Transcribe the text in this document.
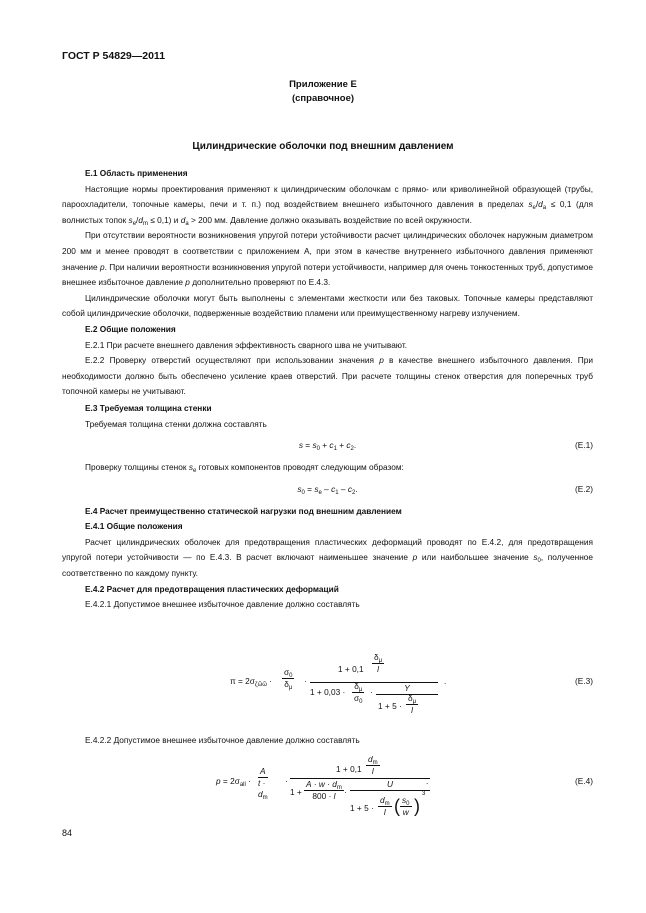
ГОСТ Р 54829—2011
Приложение Е
(справочное)
Цилиндрические оболочки под внешним давлением
Е.1 Область применения

Настоящие нормы проектирования применяют к цилиндрическим оболочкам с прямо- или криволинейной образующей (трубы, пароохладители, топочные камеры, печи и т. п.) под воздействием внешнего избыточного давления в пределах $s_e/d_a \le 0,1$ (для волнистых топок $s_e/d_m \le 0,1$) и $d_a > 200$ мм. Давление должно оказывать воздействие по всей окружности.

При отсутствии вероятности возникновения упругой потери устойчивости расчет цилиндрических оболочек наружным диаметром 200 мм и менее проводят в соответствии с приложением А, при этом в качестве внутреннего избыточного давления применяют значение p. При наличии вероятности возникновения упругой потери устойчивости, например для очень тонкостенных труб, допустимое внешнее избыточное давление p дополнительно проверяют по Е.4.3.

Цилиндрические оболочки могут быть выполнены с элементами жесткости или без таковых. Топочные камеры представляют собой цилиндрические оболочки, подверженные воздействию пламени или преимущественному нагреву излучением.

Е.2 Общие положения

Е.2.1 При расчете внешнего давления эффективность сварного шва не учитывают.

Е.2.2 Проверку отверстий осуществляют при использовании значения p в качестве внешнего избыточного давления. При необходимости должно быть обеспечено усиление краев отверстий. При расчете толщины стенок отверстия для поперечных труб топочной камеры не учитывают.

Е.3 Требуемая толщина стенки

Требуемая толщина стенки должна составлять

$s = s_0 + c_1 + c_2$.	(Е.1)

Проверку толщины стенок $s_e$ готовых компонентов проводят следующим образом:

$s_0 = s_e - c_1 - c_2$.	(Е.2)
Е.4 Расчет преимущественно статической нагрузки под внешним давлением
Е.4.1 Общие положения

Расчет цилиндрических оболочек для предотвращения пластических деформаций проводят по Е.4.2, для предотвращения упругой потери устойчивости — по Е.4.3. В расчет включают наименьшее значение p или наибольшее значение $s_0$, полученное соответственно по каждому пункту.

Е.4.2 Расчет для предотвращения пластических деформаций

Е.4.2.1 Допустимое внешнее избыточное давление должно составлять

$\pi = 2\sigma_{\zeta ῶῶ} \cdot \frac{\sigma_0}{\delta_\mu}$ ·
$1 + 0,1 \frac{\delta_\mu}{l}$
$1 + 0,03 \cdot \frac{\delta_\mu}{\sigma_0}$ ·	Y
$1 + 5 \cdot \frac{\delta_\mu}{l}$
.	(Е.3)
Е.4.2.2 Допустимое внешнее избыточное давление должно составлять
$p = 2\sigma_{all} \cdot \frac{A}{t \cdot d_m}$ ·
$1 + 0,1 \frac{d_m}{l}$
$1 + \frac{A \cdot w \cdot d_m}{800 \cdot l}$ ·
U
$1 + 5 \cdot \frac{d_m}{l}$ ( $\frac{s_0}{w}$ )
3
.	(Е.4)
84
